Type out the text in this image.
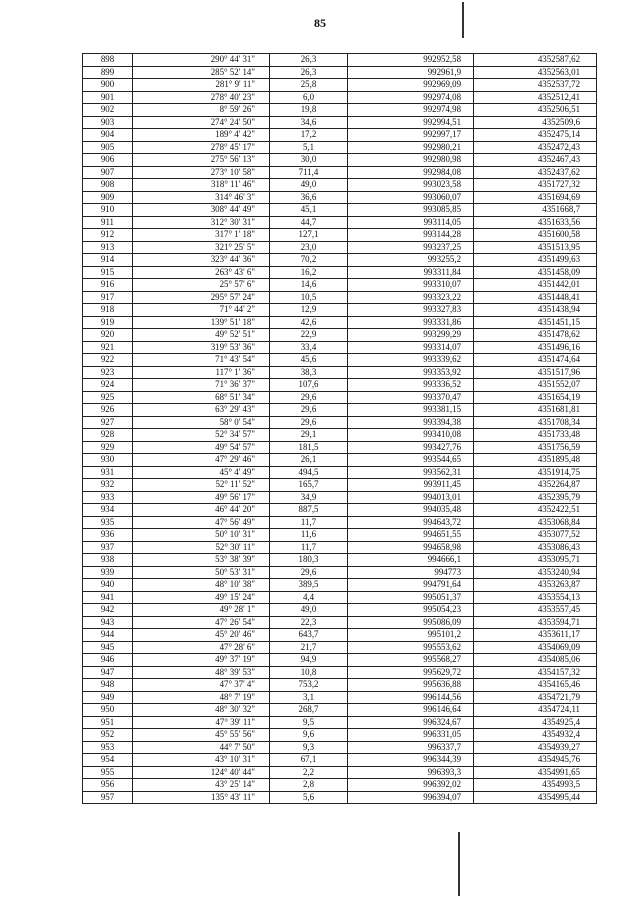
85
898	290° 44' 31"	26,3	992952,58	4352587,62
899	285° 52' 14"	26,3	992961,9	4352563,01
900	281° 9' 11"	25,8	992969,09	4352537,72
901	278° 40' 23"	6,0	992974,08	4352512,41
902	8° 59' 26"	19,8	992974,98	4352506,51
903	274° 24' 50"	34,6	992994,51	4352509,6
904	189° 4' 42"	17,2	992997,17	4352475,14
905	278° 45' 17"	5,1	992980,21	4352472,43
906	275° 56' 13"	30,0	992980,98	4352467,43
907	273° 10' 58"	711,4	992984,08	4352437,62
908	318° 11' 46"	49,0	993023,58	4351727,32
909	314° 46' 3"	36,6	993060,07	4351694,69
910	308° 44' 49"	45,1	993085,85	4351668,7
911	312° 30' 31"	44,7	993114,05	4351633,56
912	317° 1' 18"	127,1	993144,28	4351600,58
913	321° 25' 5"	23,0	993237,25	4351513,95
914	323° 44' 36"	70,2	993255,2	4351499,63
915	263° 43' 6"	16,2	993311,84	4351458,09
916	25° 57' 6"	14,6	993310,07	4351442,01
917	295° 57' 24"	10,5	993323,22	4351448,41
918	71° 44' 2"	12,9	993327,83	4351438,94
919	139° 51' 18"	42,6	993331,86	4351451,15
920	49° 52' 51"	22,9	993299,29	4351478,62
921	319° 53' 36"	33,4	993314,07	4351496,16
922	71° 43' 54"	45,6	993339,62	4351474,64
923	117° 1' 36"	38,3	993353,92	4351517,96
924	71° 36' 37"	107,6	993336,52	4351552,07
925	68° 51' 34"	29,6	993370,47	4351654,19
926	63° 29' 43"	29,6	993381,15	4351681,81
927	58° 0' 54"	29,6	993394,38	4351708,34
928	52° 34' 57"	29,1	993410,08	4351733,48
929	49° 54' 57"	181,5	993427,76	4351756,59
930	47° 29' 46"	26,1	993544,65	4351895,48
931	45° 4' 49"	494,5	993562,31	4351914,75
932	52° 11' 52"	165,7	993911,45	4352264,87
933	49° 56' 17"	34,9	994013,01	4352395,79
934	46° 44' 20"	887,5	994035,48	4352422,51
935	47° 56' 49"	11,7	994643,72	4353068,84
936	50° 10' 31"	11,6	994651,55	4353077,52
937	52° 30' 11"	11,7	994658,98	4353086,43
938	53° 38' 39"	180,3	994666,1	4353095,71
939	50° 53' 31"	29,6	994773	4353240,94
940	48° 10' 38"	389,5	994791,64	4353263,87
941	49° 15' 24"	4,4	995051,37	4353554,13
942	49° 28' 1"	49,0	995054,23	4353557,45
943	47° 26' 54"	22,3	995086,09	4353594,71
944	45° 20' 46"	643,7	995101,2	4353611,17
945	47° 28' 6"	21,7	995553,62	4354069,09
946	49° 37' 19"	94,9	995568,27	4354085,06
947	48° 39' 53"	10,8	995629,72	4354157,32
948	47° 37' 4"	753,2	995636,88	4354165,46
949	48° 7' 19"	3,1	996144,56	4354721,79
950	48° 30' 32"	268,7	996146,64	4354724,11
951	47° 39' 11"	9,5	996324,67	4354925,4
952	45° 55' 56"	9,6	996331,05	4354932,4
953	44° 7' 50"	9,3	996337,7	4354939,27
954	43° 10' 31"	67,1	996344,39	4354945,76
955	124° 40' 44"	2,2	996393,3	4354991,65
956	43° 25' 14"	2,8	996392,02	4354993,5
957	135° 43' 11"	5,6	996394,07	4354995,44
